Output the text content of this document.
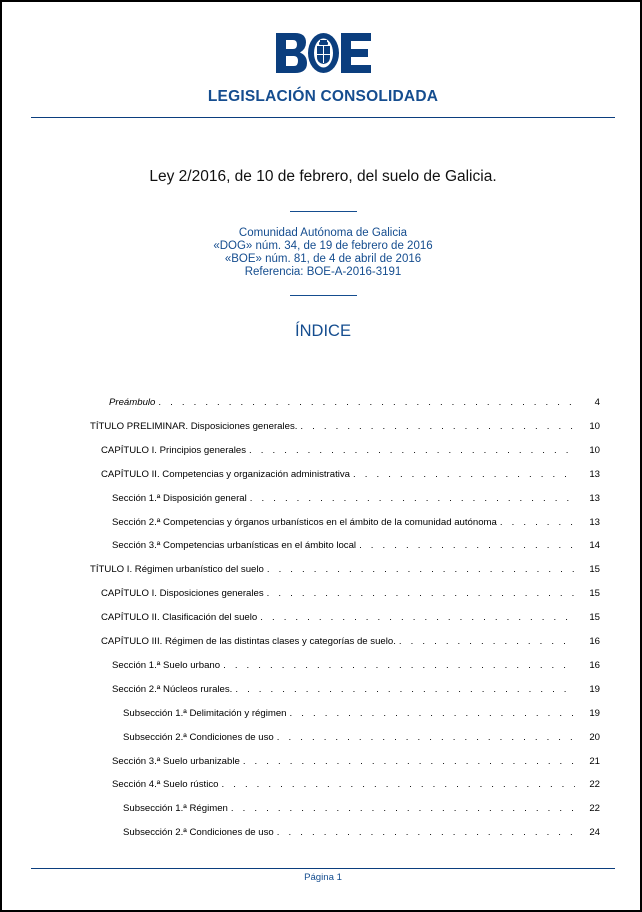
LEGISLACIÓN CONSOLIDADA
Ley 2/2016, de 10 de febrero, del suelo de Galicia.
Comunidad Autónoma de Galicia
«DOG» núm. 34, de 19 de febrero de 2016
«BOE» núm. 81, de 4 de abril de 2016
Referencia: BOE-A-2016-3191
ÍNDICE
Preámbulo . . .	4
TÍTULO PRELIMINAR. Disposiciones generales. . . .	10
CAPÍTULO I. Principios generales . . .	10
CAPÍTULO II. Competencias y organización administrativa . . .	13
Sección 1.ª Disposición general . . .	13
Sección 2.ª Competencias y órganos urbanísticos en el ámbito de la comunidad autónoma . . .	13
Sección 3.ª Competencias urbanísticas en el ámbito local . . .	14
TÍTULO I. Régimen urbanístico del suelo . . .	15
CAPÍTULO I. Disposiciones generales . . .	15
CAPÍTULO II. Clasificación del suelo . . .	15
CAPÍTULO III. Régimen de las distintas clases y categorías de suelo. . . .	16
Sección 1.ª Suelo urbano . . .	16
Sección 2.ª Núcleos rurales. . . .	19
Subsección 1.ª Delimitación y régimen . . .	19
Subsección 2.ª Condiciones de uso . . .	20
Sección 3.ª Suelo urbanizable . . .	21
Sección 4.ª Suelo rústico . . .	22
Subsección 1.ª Régimen . . .	22
Subsección 2.ª Condiciones de uso . . .	24
Página 1
